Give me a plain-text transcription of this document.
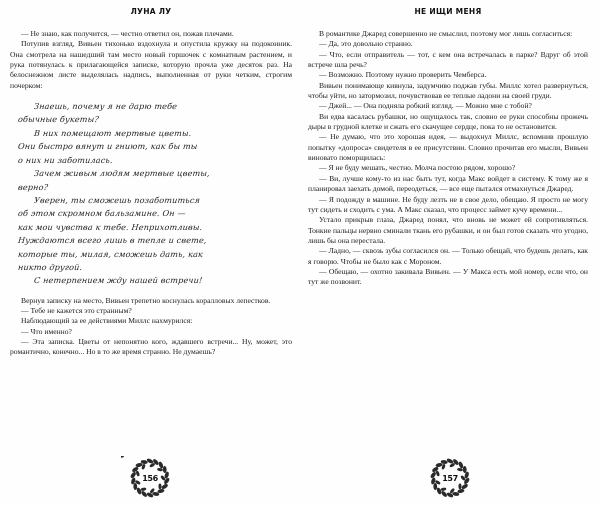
ЛУНА ЛУ

— Не знаю, как получится, — честно ответил он, пожав плечами.

Потупив взгляд, Вивьен тихонько вздохнула и опустила кружку на подоконник. Она смотрела на нашедший там место новый горшочек с комнатным растением, и рука потянулась к прилагающейся записке, которую прочла уже десяток раз. На белоснежном листе выделялась надпись, выполненная от руки четким, строгим почерком:

Знаешь, почему я не дарю тебе
обычные букеты?
В них помещают мертвые цветы.
Они быстро вянут и гниют, как бы ты
о них ни заботилась.
Зачем живым людям мертвые цветы,
верно?
Уверен, ты сможешь позаботиться
об этом скромном бальзамине. Он —
как мои чувства к тебе. Неприхотливы.
Нуждаются всего лишь в тепле и свете,
которые ты, милая, сможешь дать, как
никто другой.
С нетерпением жду нашей встречи!

Вернув записку на место, Вивьен трепетно коснулась коралловых лепестков.

— Тебе не кажется это странным?

Наблюдающий за ее действиями Миллс нахмурился:

— Что именно?

— Эта записка. Цветы от непонятно кого, ждавшего встречи... Ну, может, это романтично, конечно... Но в то же время странно. Не думаешь?

156
НЕ ИЩИ МЕНЯ

В романтике Джаред совершенно не смыслил, поэтому мог лишь согласиться:

— Да, это довольно странно.

— Что, если отправитель — тот, с кем она встречалась в парке? Вдруг об этой встрече шла речь?

— Возможно. Поэтому нужно проверить Чемберса.

Вивьен понимающе кивнула, задумчиво поджав губы. Миллс хотел развернуться, чтобы уйти, но затормозил, почувствовав ее теплые ладони на своей груди.

— Джей... — Она подняла робкий взгляд. — Можно мне с тобой?

Ви едва касалась рубашки, но ощущалось так, словно ее руки способны прожечь дыры в грудной клетке и сжать его скачущее сердце, пока то не остановится.

— Не думаю, что это хорошая идея, — выдохнул Миллс, вспомнив прошлую попытку «допроса» свидетеля в ее присутствии. Словно прочитав его мысли, Вивьен виновато поморщилась:

— Я не буду мешать, честно. Молча постою рядом, хорошо?

— Ви, лучше кому-то из нас быть тут, когда Макс войдет в систему. К тому же я планировал заехать домой, переодеться, — все еще пытался отмахнуться Джаред.

— Я подожду в машине. Не буду лезть не в свое дело, обещаю. Я просто не могу тут сидеть и сходить с ума. А Макс сказал, что процесс займет кучу времени...

Устало прикрыв глаза, Джаред понял, что вновь не может ей сопротивляться. Тонкие пальцы нервно сминали ткань его рубашки, и он был готов сказать что угодно, лишь бы она перестала.

— Ладно, — сквозь зубы согласился он. — Только обещай, что будешь делать, как я говорю. Чтобы не было как с Мороном.

— Обещаю, — охотно закивала Вивьен. — У Макса есть мой номер, если что, он тут же позвонит.

157
